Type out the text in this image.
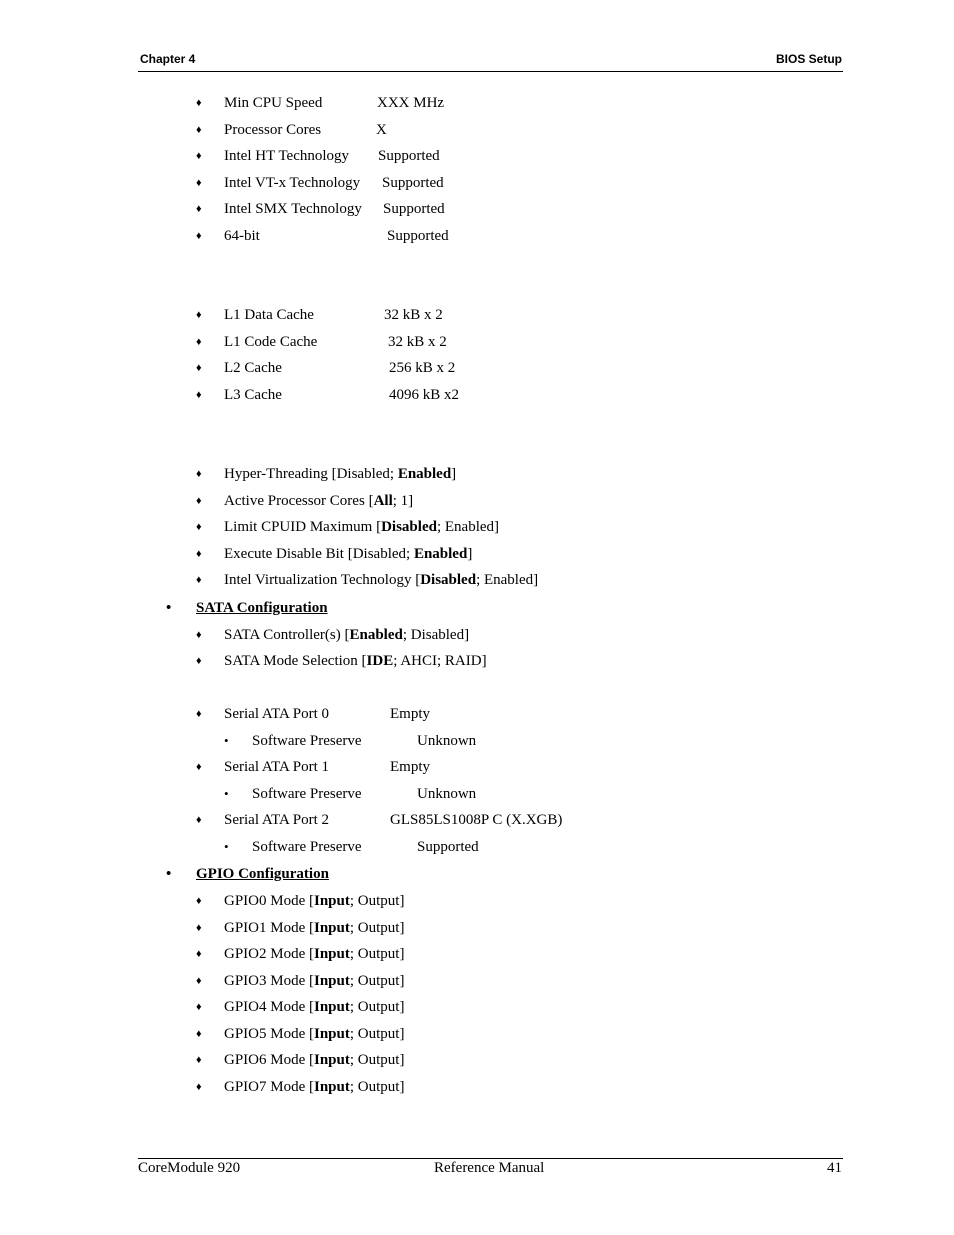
Chapter 4	BIOS Setup
♦ Min CPU Speed	XXX MHz
♦ Processor Cores	X
♦ Intel HT Technology Supported
♦ Intel VT-x Technology Supported
♦ Intel SMX Technology Supported
♦ 64-bit	Supported
♦ L1 Data Cache	32 kB x 2
♦ L1 Code Cache	32 kB x 2
♦ L2 Cache	256 kB x 2
♦ L3 Cache	4096 kB x2
♦ Hyper-Threading [Disabled; Enabled]
♦ Active Processor Cores [All; 1]
♦ Limit CPUID Maximum [Disabled; Enabled]
♦ Execute Disable Bit [Disabled; Enabled]
♦ Intel Virtualization Technology [Disabled; Enabled]
• SATA Configuration
♦ SATA Controller(s) [Enabled; Disabled]
♦ SATA Mode Selection [IDE; AHCI; RAID]
♦ Serial ATA Port 0	Empty
• Software Preserve	Unknown
♦ Serial ATA Port 1	Empty
• Software Preserve	Unknown
♦ Serial ATA Port 2	GLS85LS1008P C (X.XGB)
• Software Preserve	Supported
• GPIO Configuration
♦ GPIO0 Mode [Input; Output]
♦ GPIO1 Mode [Input; Output]
♦ GPIO2 Mode [Input; Output]
♦ GPIO3 Mode [Input; Output]
♦ GPIO4 Mode [Input; Output]
♦ GPIO5 Mode [Input; Output]
♦ GPIO6 Mode [Input; Output]
♦ GPIO7 Mode [Input; Output]
CoreModule 920	Reference Manual	41
